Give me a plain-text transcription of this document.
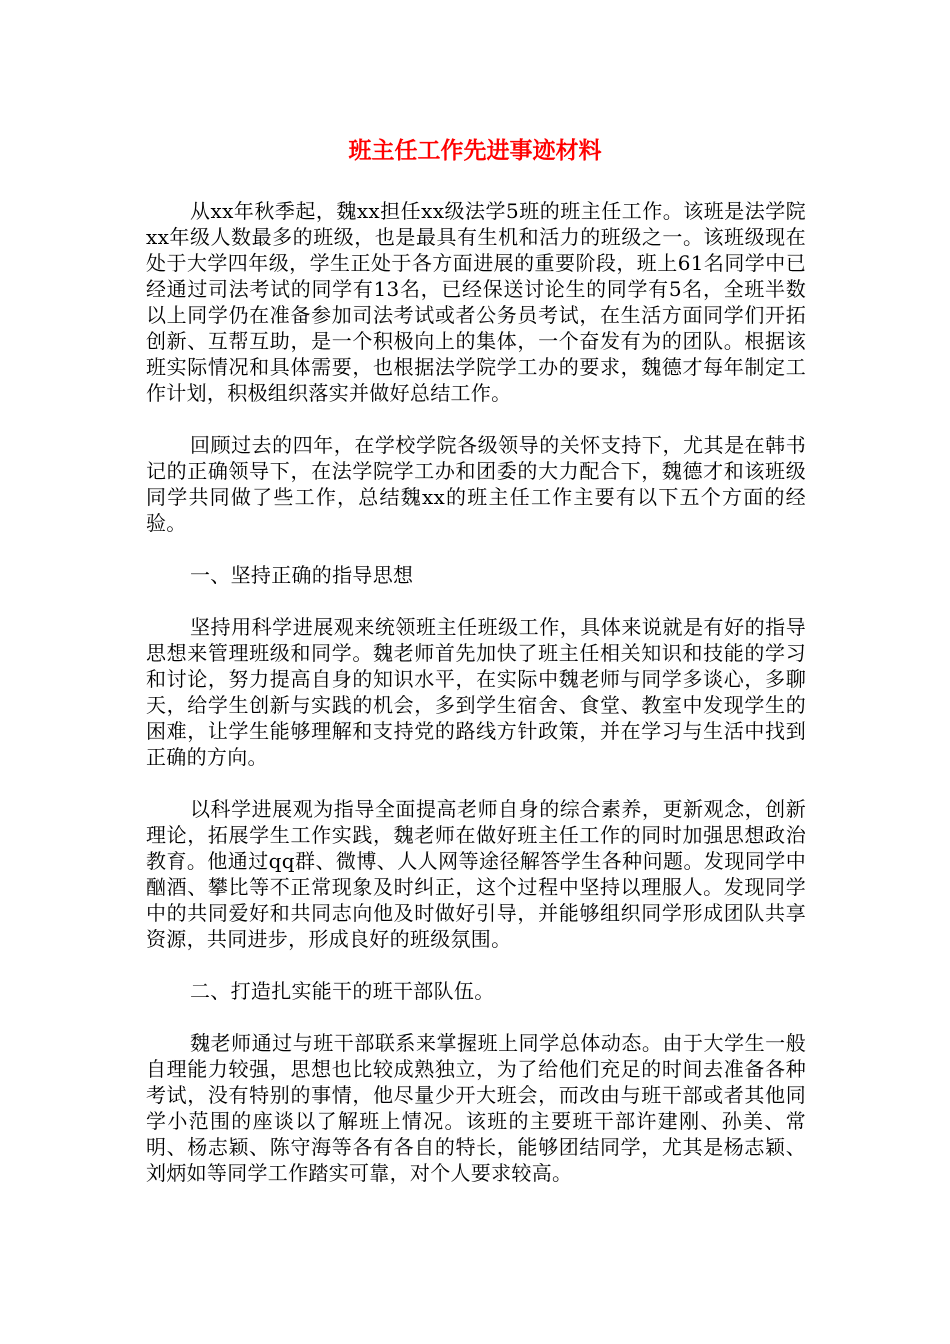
班主任工作先进事迹材料

从xx年秋季起，魏xx担任xx级法学5班的班主任工作。该班是法学院xx年级人数最多的班级，也是最具有生机和活力的班级之一。该班级现在处于大学四年级，学生正处于各方面进展的重要阶段，班上61名同学中已经通过司法考试的同学有13名，已经保送讨论生的同学有5名，全班半数以上同学仍在准备参加司法考试或者公务员考试，在生活方面同学们开拓创新、互帮互助，是一个积极向上的集体，一个奋发有为的团队。根据该班实际情况和具体需要，也根据法学院学工办的要求，魏德才每年制定工作计划，积极组织落实并做好总结工作。

回顾过去的四年，在学校学院各级领导的关怀支持下，尤其是在韩书记的正确领导下，在法学院学工办和团委的大力配合下，魏德才和该班级同学共同做了些工作，总结魏xx的班主任工作主要有以下五个方面的经验。

一、坚持正确的指导思想

坚持用科学进展观来统领班主任班级工作，具体来说就是有好的指导思想来管理班级和同学。魏老师首先加快了班主任相关知识和技能的学习和讨论，努力提高自身的知识水平，在实际中魏老师与同学多谈心，多聊天，给学生创新与实践的机会，多到学生宿舍、食堂、教室中发现学生的困难，让学生能够理解和支持党的路线方针政策，并在学习与生活中找到正确的方向。

以科学进展观为指导全面提高老师自身的综合素养，更新观念，创新理论，拓展学生工作实践，魏老师在做好班主任工作的同时加强思想政治教育。他通过qq群、微博、人人网等途径解答学生各种问题。发现同学中酗酒、攀比等不正常现象及时纠正，这个过程中坚持以理服人。发现同学中的共同爱好和共同志向他及时做好引导，并能够组织同学形成团队共享资源，共同进步，形成良好的班级氛围。

二、打造扎实能干的班干部队伍。

魏老师通过与班干部联系来掌握班上同学总体动态。由于大学生一般自理能力较强，思想也比较成熟独立，为了给他们充足的时间去准备各种考试，没有特别的事情，他尽量少开大班会，而改由与班干部或者其他同学小范围的座谈以了解班上情况。该班的主要班干部许建刚、孙美、常明、杨志颖、陈守海等各有各自的特长，能够团结同学，尤其是杨志颖、刘炳如等同学工作踏实可靠，对个人要求较高。
